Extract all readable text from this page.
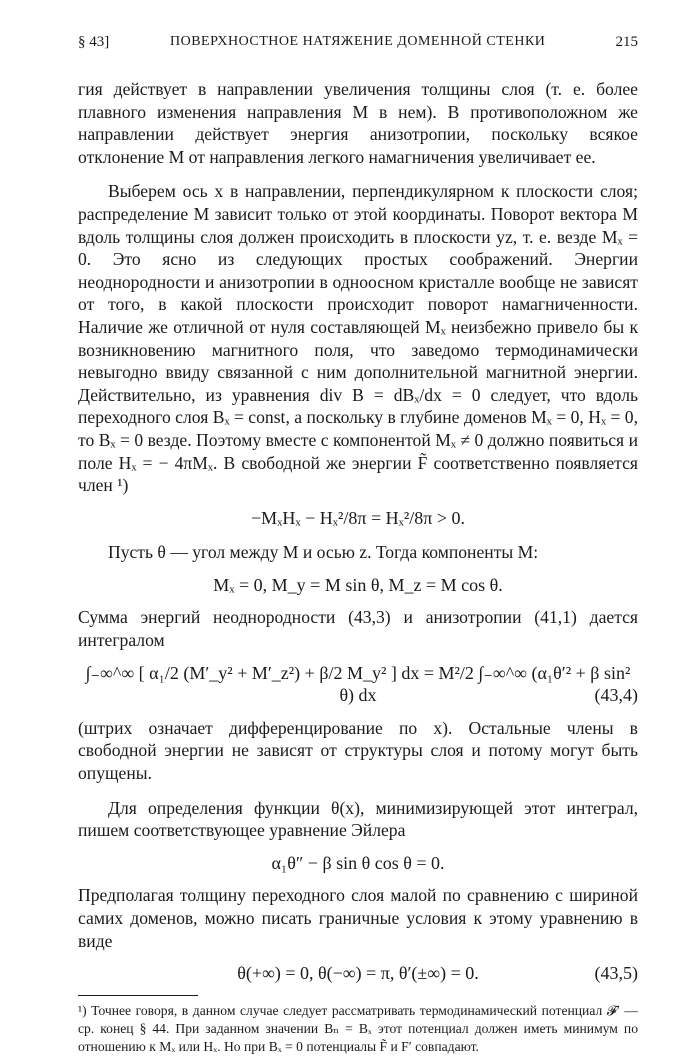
§ 43]	ПОВЕРХНОСТНОЕ НАТЯЖЕНИЕ ДОМЕННОЙ СТЕНКИ	215

гия действует в направлении увеличения толщины слоя (т. е. более плавного изменения направления M в нем). В противоположном же направлении действует энергия анизотропии, поскольку всякое отклонение M от направления легкого намагничения увеличивает ее.

Выберем ось x в направлении, перпендикулярном к плоскости слоя; распределение M зависит только от этой координаты. Поворот вектора M вдоль толщины слоя должен происходить в плоскости yz, т. е. везде Mₓ = 0. Это ясно из следующих простых соображений. Энергии неоднородности и анизотропии в одноосном кристалле вообще не зависят от того, в какой плоскости происходит поворот намагниченности. Наличие же отличной от нуля составляющей Mₓ неизбежно привело бы к возникновению магнитного поля, что заведомо термодинамически невыгодно ввиду связанной с ним дополнительной магнитной энергии. Действительно, из уравнения div B = dBₓ/dx = 0 следует, что вдоль переходного слоя Bₓ = const, а поскольку в глубине доменов Mₓ = 0, Hₓ = 0, то Bₓ = 0 везде. Поэтому вместе с компонентой Mₓ ≠ 0 должно появиться и поле Hₓ = − 4πMₓ. В свободной же энергии F̃ соответственно появляется член ¹)

−MₓHₓ − Hₓ²/8π = Hₓ²/8π > 0.

Пусть θ — угол между M и осью z. Тогда компоненты M:

Mₓ = 0, M_y = M sin θ, M_z = M cos θ.

Сумма энергий неоднородности (43,3) и анизотропии (41,1) дается интегралом

∫₋∞^∞ [ α₁/2 (M′_y² + M′_z²) + β/2 M_y² ] dx = M²/2 ∫₋∞^∞ (α₁θ′² + β sin² θ) dx	(43,4)

(штрих означает дифференцирование по x). Остальные члены в свободной энергии не зависят от структуры слоя и потому могут быть опущены.

Для определения функции θ(x), минимизирующей этот интеграл, пишем соответствующее уравнение Эйлера

α₁θ″ − β sin θ cos θ = 0.

Предполагая толщину переходного слоя малой по сравнению с шириной самих доменов, можно писать граничные условия к этому уравнению в виде

θ(+∞) = 0, θ(−∞) = π, θ′(±∞) = 0.	(43,5)
¹) Точнее говоря, в данном случае следует рассматривать термодинамический потенциал 𝓕′ — ср. конец § 44. При заданном значении Bₙ = Bₓ этот потенциал должен иметь минимум по отношению к Mₓ или Hₓ. Но при Bₓ = 0 потенциалы F̃ и F′ совпадают.
